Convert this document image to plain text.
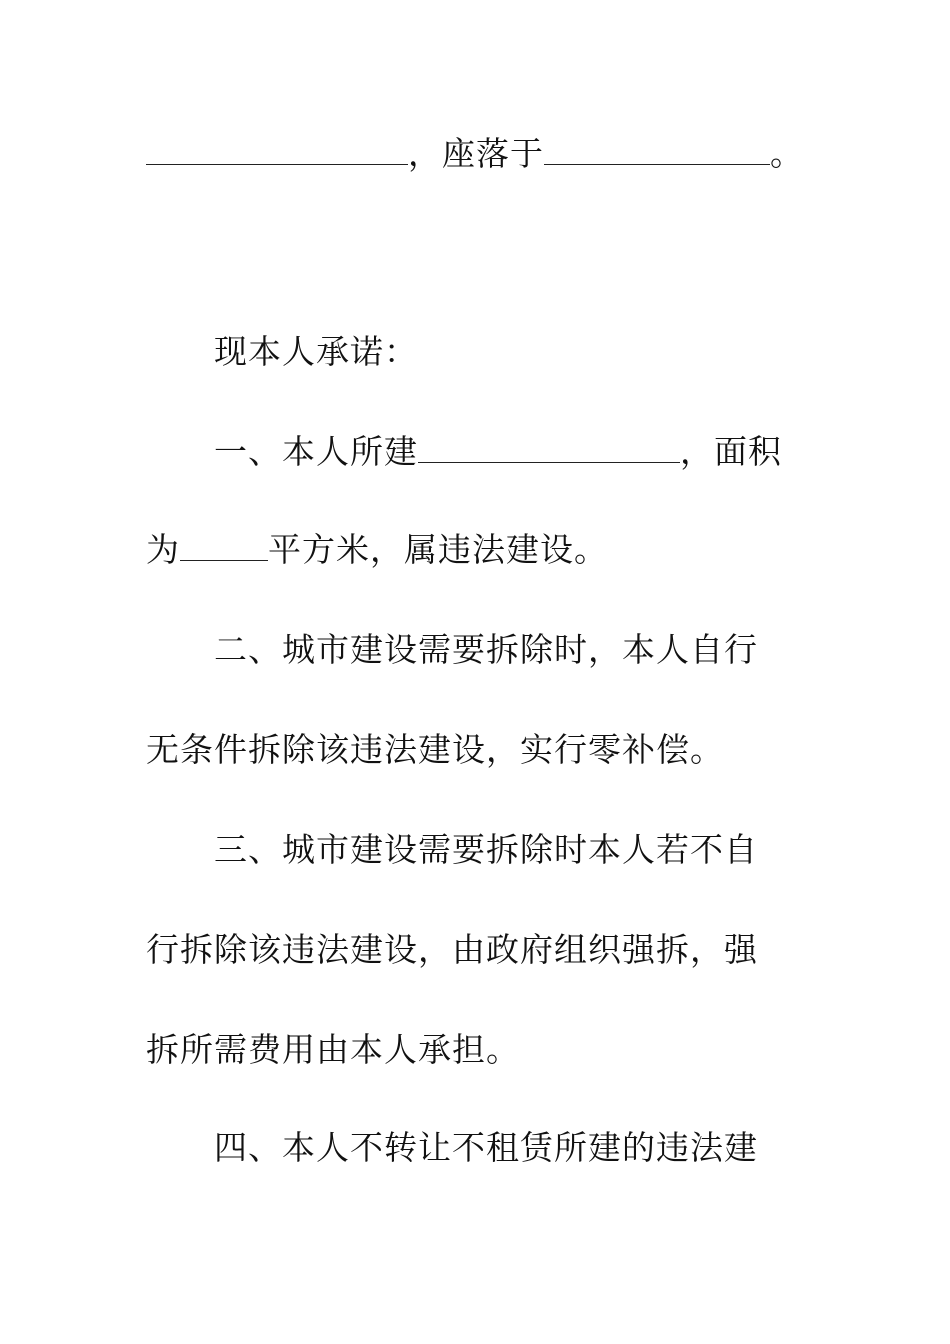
，座落于	。
现本人承诺：
一、本人所建	，面积
为	平方米，属违法建设。
二、城市建设需要拆除时，本人自行
无条件拆除该违法建设，实行零补偿。
三、城市建设需要拆除时本人若不自
行拆除该违法建设，由政府组织强拆，强
拆所需费用由本人承担。
四、本人不转让不租赁所建的违法建
